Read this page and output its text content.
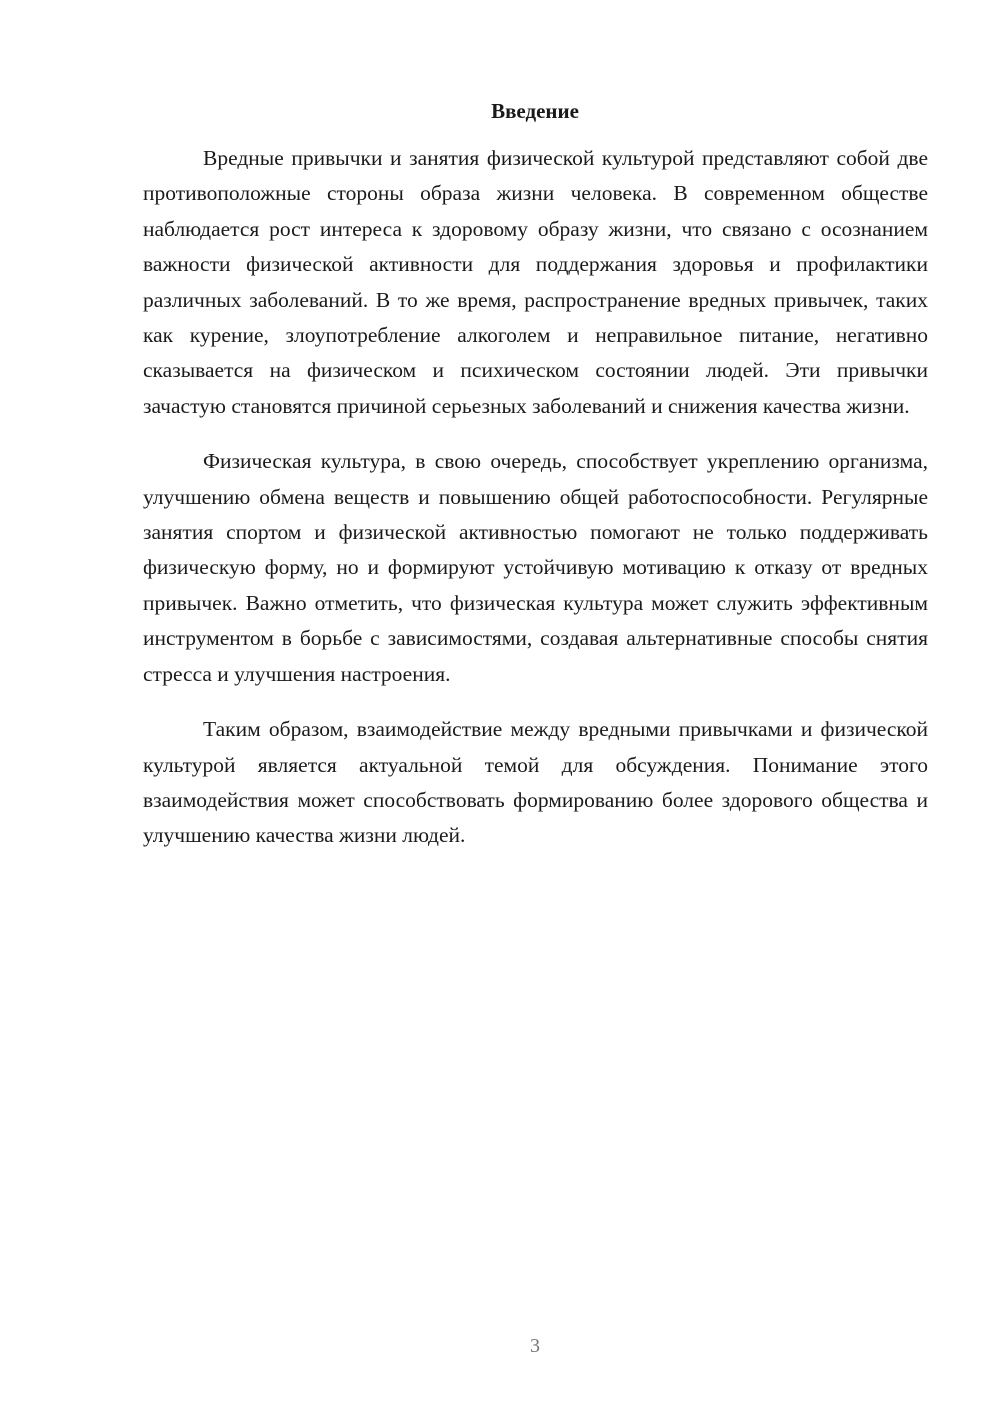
Введение

Вредные привычки и занятия физической культурой представляют собой две противоположные стороны образа жизни человека. В современном обществе наблюдается рост интереса к здоровому образу жизни, что связано с осознанием важности физической активности для поддержания здоровья и профилактики различных заболеваний. В то же время, распространение вредных привычек, таких как курение, злоупотребление алкоголем и неправильное питание, негативно сказывается на физическом и психическом состоянии людей. Эти привычки зачастую становятся причиной серьезных заболеваний и снижения качества жизни.

Физическая культура, в свою очередь, способствует укреплению организма, улучшению обмена веществ и повышению общей работоспособности. Регулярные занятия спортом и физической активностью помогают не только поддерживать физическую форму, но и формируют устойчивую мотивацию к отказу от вредных привычек. Важно отметить, что физическая культура может служить эффективным инструментом в борьбе с зависимостями, создавая альтернативные способы снятия стресса и улучшения настроения.

Таким образом, взаимодействие между вредными привычками и физической культурой является актуальной темой для обсуждения. Понимание этого взаимодействия может способствовать формированию более здорового общества и улучшению качества жизни людей.

3
